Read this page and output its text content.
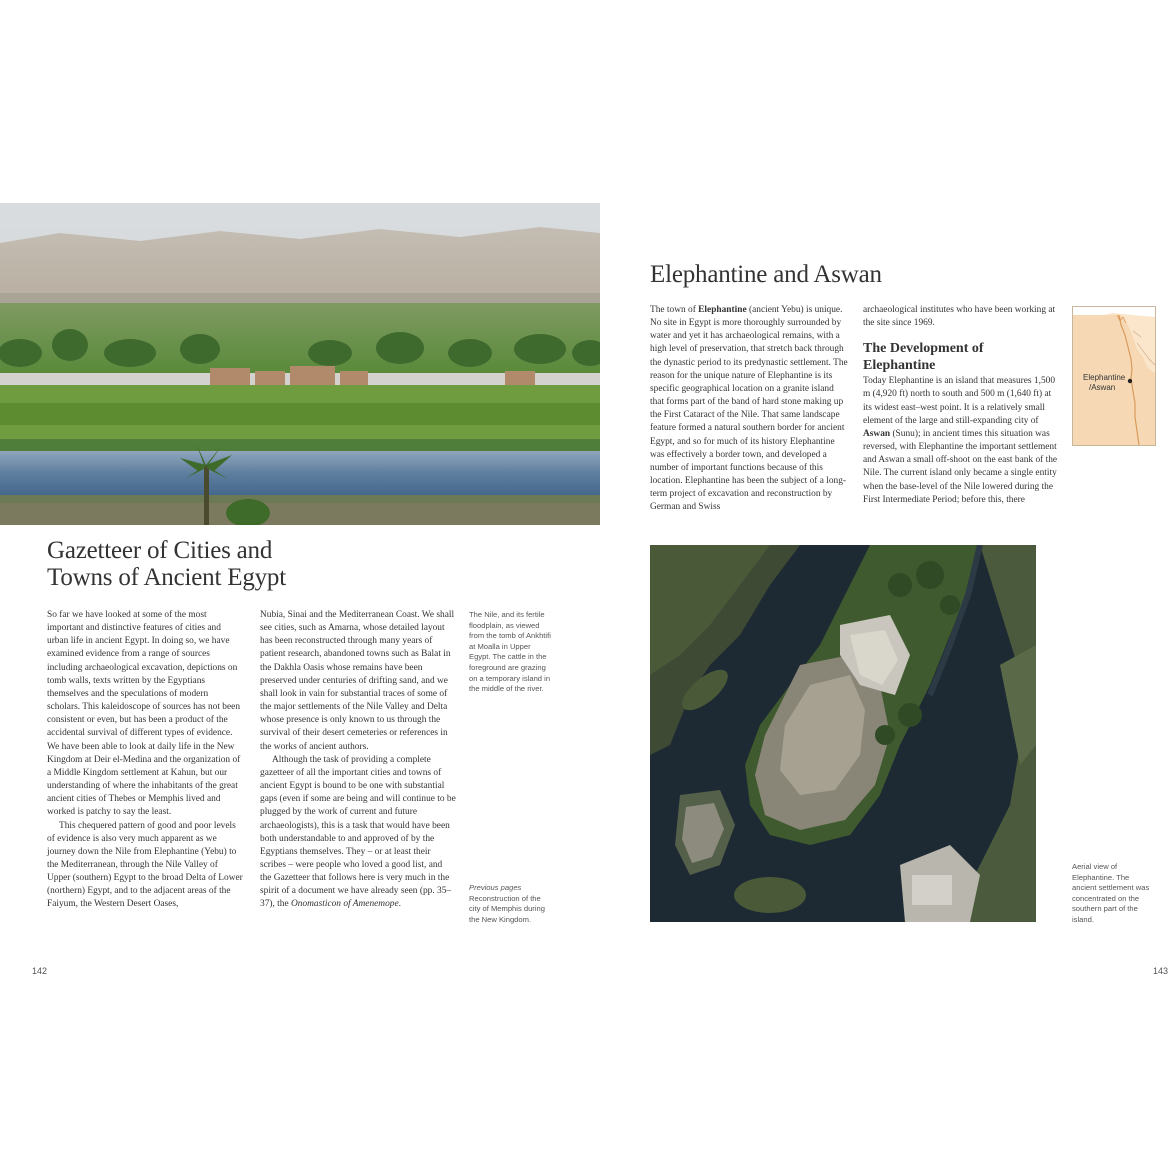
Gazetteer of Cities and
Towns of Ancient Egypt

So far we have looked at some of the most important and distinctive features of cities and urban life in ancient Egypt. In doing so, we have examined evidence from a range of sources including archaeological excavation, depictions on tomb walls, texts written by the Egyptians themselves and the speculations of modern scholars. This kaleidoscope of sources has not been consistent or even, but has been a product of the accidental survival of different types of evidence. We have been able to look at daily life in the New Kingdom at Deir el-Medina and the organization of a Middle Kingdom settlement at Kahun, but our understanding of where the inhabitants of the great ancient cities of Thebes or Memphis lived and worked is patchy to say the least.

This chequered pattern of good and poor levels of evidence is also very much apparent as we journey down the Nile from Elephantine (Yebu) to the Mediterranean, through the Nile Valley of Upper (southern) Egypt to the broad Delta of Lower (northern) Egypt, and to the adjacent areas of the Faiyum, the Western Desert Oases,

Nubia, Sinai and the Mediterranean Coast. We shall see cities, such as Amarna, whose detailed layout has been reconstructed through many years of patient research, abandoned towns such as Balat in the Dakhla Oasis whose remains have been preserved under centuries of drifting sand, and we shall look in vain for substantial traces of some of the major settlements of the Nile Valley and Delta whose presence is only known to us through the survival of their desert cemeteries or references in the works of ancient authors.

Although the task of providing a complete gazetteer of all the important cities and towns of ancient Egypt is bound to be one with substantial gaps (even if some are being and will continue to be plugged by the work of current and future archaeologists), this is a task that would have been both understandable to and approved of by the Egyptians themselves. They – or at least their scribes – were people who loved a good list, and the Gazetteer that follows here is very much in the spirit of a document we have already seen (pp. 35–37), the Onomasticon of Amenemope.

The Nile, and its fertile floodplain, as viewed from the tomb of Ankhtifi at Moalla in Upper Egypt. The cattle in the foreground are grazing on a temporary island in the middle of the river.
Previous pages
Reconstruction of the city of Memphis during the New Kingdom.
142
Elephantine and Aswan

The town of Elephantine (ancient Yebu) is unique. No site in Egypt is more thoroughly surrounded by water and yet it has archaeological remains, with a high level of preservation, that stretch back through the dynastic period to its predynastic settlement. The reason for the unique nature of Elephantine is its specific geographical location on a granite island that forms part of the band of hard stone making up the First Cataract of the Nile. That same landscape feature formed a natural southern border for ancient Egypt, and so for much of its history Elephantine was effectively a border town, and developed a number of important functions because of this location. Elephantine has been the subject of a long-term project of excavation and reconstruction by German and Swiss

archaeological institutes who have been working at the site since 1969.

The Development of
Elephantine

Today Elephantine is an island that measures 1,500 m (4,920 ft) north to south and 500 m (1,640 ft) at its widest east–west point. It is a relatively small element of the large and still-expanding city of Aswan (Sunu); in ancient times this situation was reversed, with Elephantine the important settlement and Aswan a small off-shoot on the east bank of the Nile. The current island only became a single entity when the base-level of the Nile lowered during the First Intermediate Period; before this, there

Elephantine
/Aswan
Aerial view of Elephantine. The ancient settlement was concentrated on the southern part of the island.
143
